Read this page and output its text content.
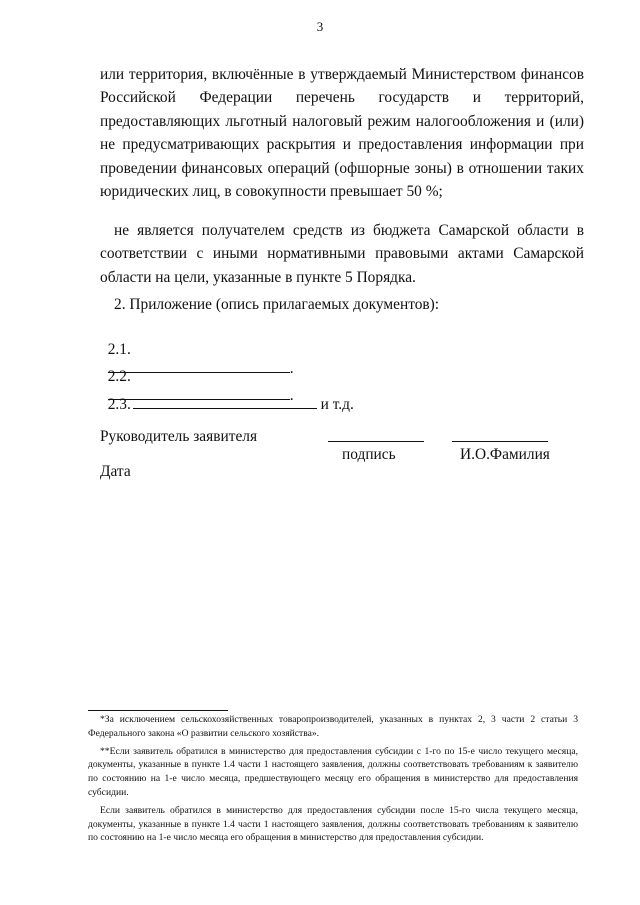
3

или территория, включённые в утверждаемый Министерством финансов Российской Федерации перечень государств и территорий, предоставляющих льготный налоговый режим налогообложения и (или) не предусматривающих раскрытия и предоставления информации при проведении финансовых операций (офшорные зоны) в отношении таких юридических лиц, в совокупности превышает 50 %;

не является получателем средств из бюджета Самарской области в соответствии с иными нормативными правовыми актами Самарской области на цели, указанные в пункте 5 Порядка.

2. Приложение (опись прилагаемых документов):

2.1.
.

2.2.
.

2.3.	и т.д.

Руководитель заявителя
подпись	И.О.Фамилия
Дата

*За исключением сельскохозяйственных товаропроизводителей, указанных в пунктах 2, 3 части 2 статьи 3 Федерального закона «О развитии сельского хозяйства».

**Если заявитель обратился в министерство для предоставления субсидии с 1-го по 15-е число текущего месяца, документы, указанные в пункте 1.4 части 1 настоящего заявления, должны соответствовать требованиям к заявителю по состоянию на 1-е число месяца, предшествующего месяцу его обращения в министерство для предоставления субсидии.

Если заявитель обратился в министерство для предоставления субсидии после 15-го числа текущего месяца, документы, указанные в пункте 1.4 части 1 настоящего заявления, должны соответствовать требованиям к заявителю по состоянию на 1-е число месяца его обращения в министерство для предоставления субсидии.
